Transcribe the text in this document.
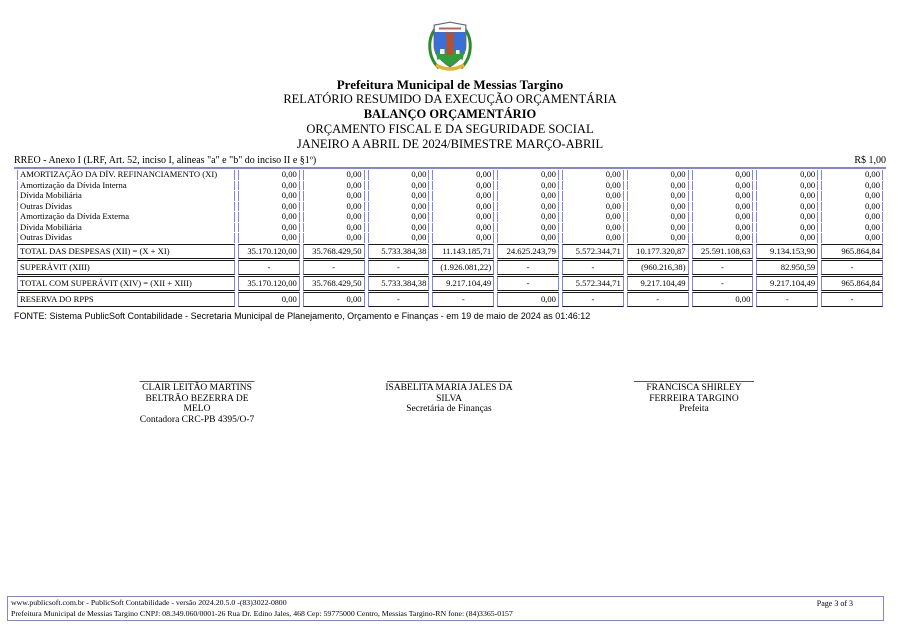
Prefeitura Municipal de Messias Targino
RELATÓRIO RESUMIDO DA EXECUÇÃO ORÇAMENTÁRIA
BALANÇO ORÇAMENTÁRIO
ORÇAMENTO FISCAL E DA SEGURIDADE SOCIAL
JANEIRO A ABRIL DE 2024/BIMESTRE MARÇO-ABRIL
RREO - Anexo I (LRF, Art. 52, inciso I, alíneas "a" e "b" do inciso II e §1º)	R$ 1,00
AMORTIZAÇÃO DA DÍV. REFINANCIAMENTO (XI)	0,00	0,00	0,00	0,00	0,00	0,00	0,00	0,00	0,00	0,00
Amortização da Dívida Interna	0,00	0,00	0,00	0,00	0,00	0,00	0,00	0,00	0,00	0,00
Dívida Mobiliária	0,00	0,00	0,00	0,00	0,00	0,00	0,00	0,00	0,00	0,00
Outras Dívidas	0,00	0,00	0,00	0,00	0,00	0,00	0,00	0,00	0,00	0,00
Amortização da Dívida Externa	0,00	0,00	0,00	0,00	0,00	0,00	0,00	0,00	0,00	0,00
Dívida Mobiliária	0,00	0,00	0,00	0,00	0,00	0,00	0,00	0,00	0,00	0,00
Outras Dívidas	0,00	0,00	0,00	0,00	0,00	0,00	0,00	0,00	0,00	0,00
TOTAL DAS DESPESAS (XII) = (X + XI)	35.170.120,00	35.768.429,50	5.733.384,38	11.143.185,71	24.625.243,79	5.572.344,71	10.177.320,87	25.591.108,63	9.134.153,90	965.864,84
SUPERÁVIT (XIII)	-	-	-	(1.926.081,22)	-	-	(960.216,38)	-	82.950,59	-
TOTAL COM SUPERÁVIT (XIV) = (XII + XIII)	35.170.120,00	35.768.429,50	5.733.384,38	9.217.104,49	-	5.572.344,71	9.217.104,49	-	9.217.104,49	965.864,84
RESERVA DO RPPS	0,00	0,00	-	-	0,00	-	-	0,00	-	-
FONTE: Sistema PublicSoft Contabilidade - Secretaria Municipal de Planejamento, Orçamento e Finanças - em 19 de maio de 2024 as 01:46:12
CLAIR LEITÃO MARTINS BELTRÃO BEZERRA DE MELO
Contadora CRC-PB 4395/O-7
ISABELITA MARIA JALES DA SILVA
Secretária de Finanças
FRANCISCA SHIRLEY FERREIRA TARGINO
Prefeita
www.publicsoft.com.br - PublicSoft Contabilidade - versão 2024.20.5.0 -(83)3022-0800
Prefeitura Municipal de Messias Targino CNPJ: 08.349.060/0001-26 Rua Dr. Edino Jales, 468 Cep: 59775000 Centro, Messias Targino-RN fone: (84)3365-0157
Page 3 of 3
